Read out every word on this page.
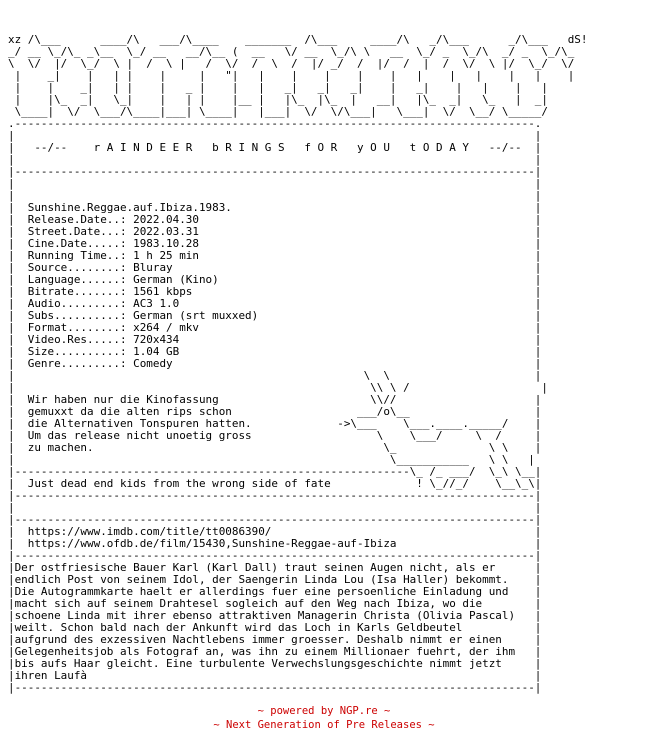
xz /\___      ____/\   ___/\____    _______  /\___     ____/\   _/\___      _/\___   dS!
_/ __ \_/\_ _\__  \_/ __   __/\__ (  __   \/ __  \_/\ \   __  \_/ _  \_/\  _/ _  \_/\_
\  \/  |/  \_/  \ |  /  \ |   /  \/  /  \  /  |/ _/  /  |/  /  |  /  \/  \ |/  \_/  \/
|    _|    |   | |    |     |   "|   |    |    |    |    |   |    |   |    |   |    |
|    |    _|   | |    |   _ |    |   |   _|   _|   _|    |   _|    |   |    |   |
|    |\_  _|   \_|    |   | |    |__ |   |\_  |\_  |   __|   |\_  _|   \_   |  _|
\____|  \/  \___/\____|___| \____|   |___|  \/  \/\___|   \___|  \/  \__/ \_____/
.-------------------------------------------------------------------------------.
|                                                                               |
|   --/--    r A I N D E E R   b R I N G S   f O R   y O U   t O D A Y   --/--  |
|                                                                               |
|-------------------------------------------------------------------------------|
|                                                                               |
|                                                                               |
|  Sunshine.Reggae.auf.Ibiza.1983.                                              |
|  Release.Date..: 2022.04.30                                                   |
|  Street.Date...: 2022.03.31                                                   |
|  Cine.Date.....: 1983.10.28                                                   |
|  Running Time..: 1 h 25 min                                                   |
|  Source........: Bluray                                                       |
|  Language......: German (Kino)                                                |
|  Bitrate.......: 1561 kbps                                                    |
|  Audio.........: AC3 1.0                                                      |
|  Subs..........: German (srt muxxed)                                          |
|  Format........: x264 / mkv                                                   |
|  Video.Res.....: 720x434                                                      |
|  Size..........: 1.04 GB                                                      |
|  Genre.........: Comedy                                                       |
|                                                     \  \                      |
|                                                      \\ \ /                    |
|  Wir haben nur die Kinofassung                       \\//                     |
|  gemuxxt da die alten rips schon                   ___/o\__                   |
|  die Alternativen Tonspuren hatten.             ->\___    \___.____._____/    |
|  Um das release nicht unoetig gross                   \    \___/     \  /     |
|  zu machen.                                            \_              \ \    |
|                                                         \___________   \ \   |
|------------------------------------------------------------\_ /_ ___/  \_\ \__|
|  Just dead end kids from the wrong side of fate             ! \_//_/    \__\_\|
|-------------------------------------------------------------------------------|
|                                                                               |
|-------------------------------------------------------------------------------|
|  https://www.imdb.com/title/tt0086390/                                        |
|  https://www.ofdb.de/film/15430,Sunshine-Reggae-auf-Ibiza                     |
|-------------------------------------------------------------------------------|
|Der ostfriesische Bauer Karl (Karl Dall) traut seinen Augen nicht, als er      |
|endlich Post von seinem Idol, der Saengerin Linda Lou (Isa Haller) bekommt.    |
|Die Autogrammkarte haelt er allerdings fuer eine persoenliche Einladung und    |
|macht sich auf seinem Drahtesel sogleich auf den Weg nach Ibiza, wo die        |
|schoene Linda mit ihrer ebenso attraktiven Managerin Christa (Olivia Pascal)   |
|weilt. Schon bald nach der Ankunft wird das Loch in Karls Geldbeutel           |
|aufgrund des exzessiven Nachtlebens immer groesser. Deshalb nimmt er einen     |
|Gelegenheitsjob als Fotograf an, was ihn zu einem Millionaer fuehrt, der ihm   |
|bis aufs Haar gleicht. Eine turbulente Verwechslungsgeschichte nimmt jetzt     |
|ihren Laufà                                                                    |
|-------------------------------------------------------------------------------|
~ powered by NGP.re ~
~ Next Generation of Pre Releases ~
